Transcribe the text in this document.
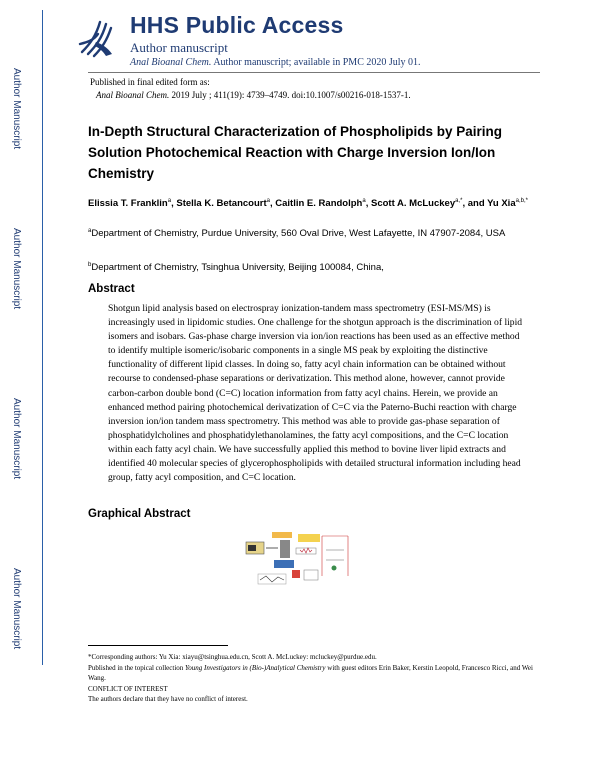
Author Manuscript
Author Manuscript
Author Manuscript
Author Manuscript
HHS Public Access
Author manuscript
Anal Bioanal Chem. Author manuscript; available in PMC 2020 July 01.
Published in final edited form as:
Anal Bioanal Chem. 2019 July ; 411(19): 4739–4749. doi:10.1007/s00216-018-1537-1.
In-Depth Structural Characterization of Phospholipids by Pairing Solution Photochemical Reaction with Charge Inversion Ion/Ion Chemistry
Elissia T. Franklin$^a$, Stella K. Betancourt$^a$, Caitlin E. Randolph$^a$, Scott A. McLuckey$^{a,*}$, and Yu Xia$^{a,b,*}$
$^a$Department of Chemistry, Purdue University, 560 Oval Drive, West Lafayette, IN 47907-2084, USA
$^b$Department of Chemistry, Tsinghua University, Beijing 100084, China,
Abstract

Shotgun lipid analysis based on electrospray ionization-tandem mass spectrometry (ESI-MS/MS) is increasingly used in lipidomic studies. One challenge for the shotgun approach is the discrimination of lipid isomers and isobars. Gas-phase charge inversion via ion/ion reactions has been used as an effective method to identify multiple isomeric/isobaric components in a single MS peak by exploiting the distinctive functionality of different lipid classes. In doing so, fatty acyl chain information can be obtained without recourse to condensed-phase separations or derivatization. This method alone, however, cannot provide carbon-carbon double bond (C=C) location information from fatty acyl chains. Herein, we provide an enhanced method pairing photochemical derivatization of C=C via the Paterno-Buchi reaction with charge inversion ion/ion tandem mass spectrometry. This method was able to provide gas-phase separation of phosphatidylcholines and phosphatidylethanolamines, the fatty acyl compositions, and the C=C location within each fatty acyl chain. We have successfully applied this method to bovine liver lipid extracts and identified 40 molecular species of glycerophospholipids with detailed structural information including head group, fatty acyl composition, and C=C location.

Graphical Abstract
*Corresponding authors: Yu Xia: xiayu@tsinghua.edu.cn, Scott A. McLuckey: mcluckey@purdue.edu.
Published in the topical collection Young Investigators in (Bio-)Analytical Chemistry with guest editors Erin Baker, Kerstin Leopold, Francesco Ricci, and Wei Wang.
CONFLICT OF INTEREST
The authors declare that they have no conflict of interest.
